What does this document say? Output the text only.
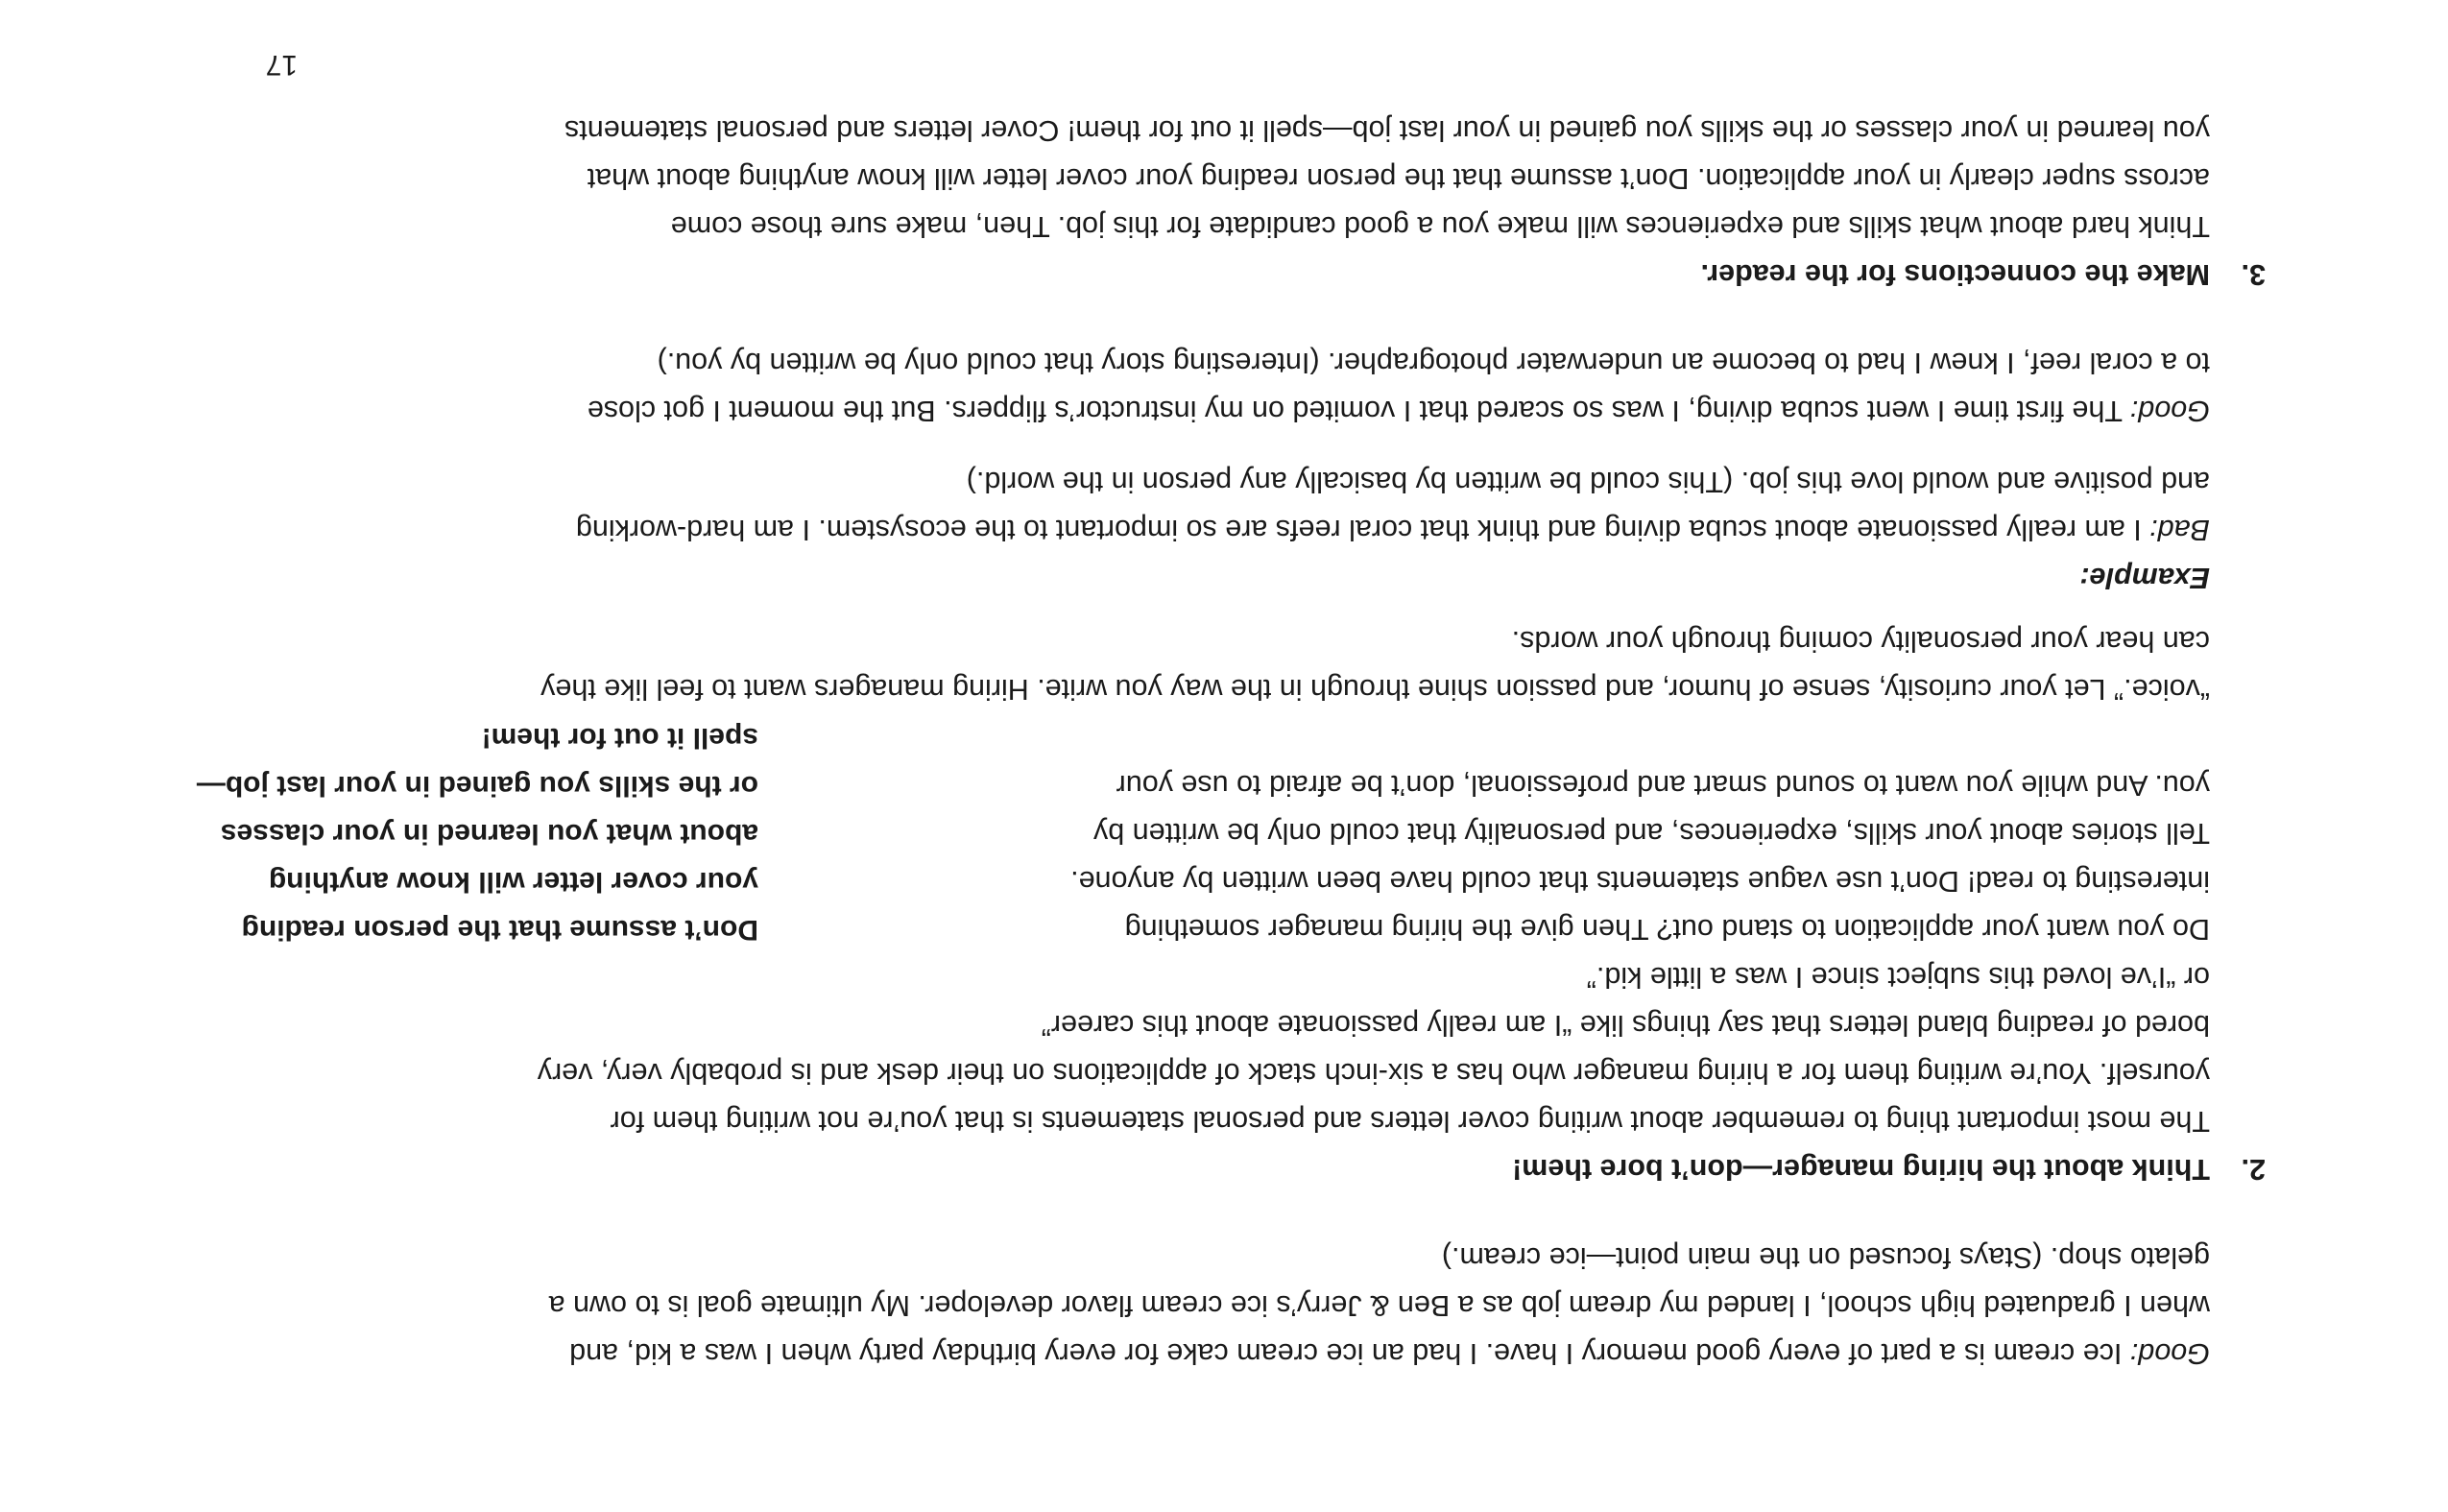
Good: Ice cream is a part of every good memory I have. I had an ice cream cake for every birthday party when I was a kid, and

when I graduated high school, I landed my dream job as a Ben & Jerry’s ice cream flavor developer. My ultimate goal is to own a

gelato shop. (Stays focused on the main point—ice cream.)

2.
Think about the hiring manager—don’t bore them!

The most important thing to remember about writing cover letters and personal statements is that you’re not writing them for

yourself. You’re writing them for a hiring manager who has a six-inch stack of applications on their desk and is probably very, very

bored of reading bland letters that say things like “I am really passionate about this career”

or “I’ve loved this subject since I was a little kid.”

Do you want your application to stand out? Then give the hiring manager something

interesting to read! Don’t use vague statements that could have been written by anyone.

Tell stories about your skills, experiences, and personality that could only be written by

you. And while you want to sound smart and professional, don’t be afraid to use your

Don’t assume that the person reading
your cover letter will know anything
about what you learned in your classes
or the skills you gained in your last job—
spell it out for them!

“voice.” Let your curiosity, sense of humor, and passion shine through in the way you write. Hiring managers want to feel like they

can hear your personality coming through your words.

Example:

Bad: I am really passionate about scuba diving and think that coral reefs are so important to the ecosystem. I am hard-working

and positive and would love this job. (This could be written by basically any person in the world.)

Good: The first time I went scuba diving, I was so scared that I vomited on my instructor’s flippers. But the moment I got close

to a coral reef, I knew I had to become an underwater photographer. (Interesting story that could only be written by you.)

3.
Make the connections for the reader.

Think hard about what skills and experiences will make you a good candidate for this job. Then, make sure those come

across super clearly in your application. Don’t assume that the person reading your cover letter will know anything about what

you learned in your classes or the skills you gained in your last job—spell it out for them! Cover letters and personal statements

17
